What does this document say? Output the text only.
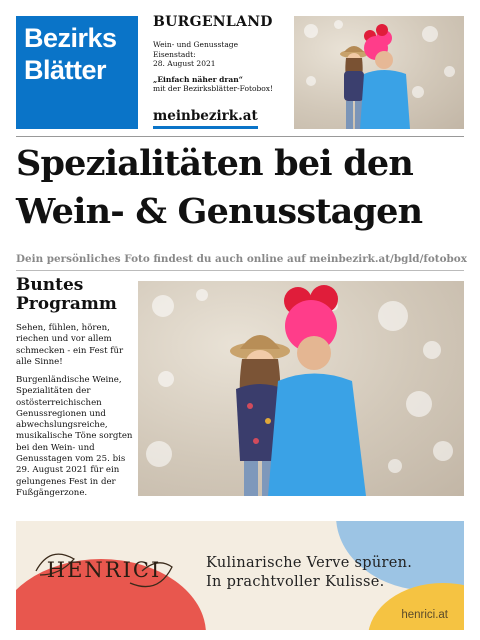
Bezirks
Blätter
BURGENLAND
Wein- und Genusstage
Eisenstadt:
28. August 2021
„Einfach näher dran“
mit der Bezirksblätter-Fotobox!
meinbezirk.at
Spezialitäten bei den
Wein- & Genusstagen
Dein persönliches Foto findest du auch online auf meinbezirk.at/bgld/fotobox
Buntes
Programm

Sehen, fühlen, hören, riechen und vor allem schmecken - ein Fest für alle Sinne!

Burgenländische Weine, Spezialitäten der ostösterreichischen Genussregionen und abwechslungsreiche, musikalische Töne sorgten bei den Wein- und Genusstagen vom 25. bis 29. August 2021 für ein gelungenes Fest in der Fußgängerzone.

HENRICI	Kulinarische Verve spüren.
In prachtvoller Kulisse.
henrici.at
